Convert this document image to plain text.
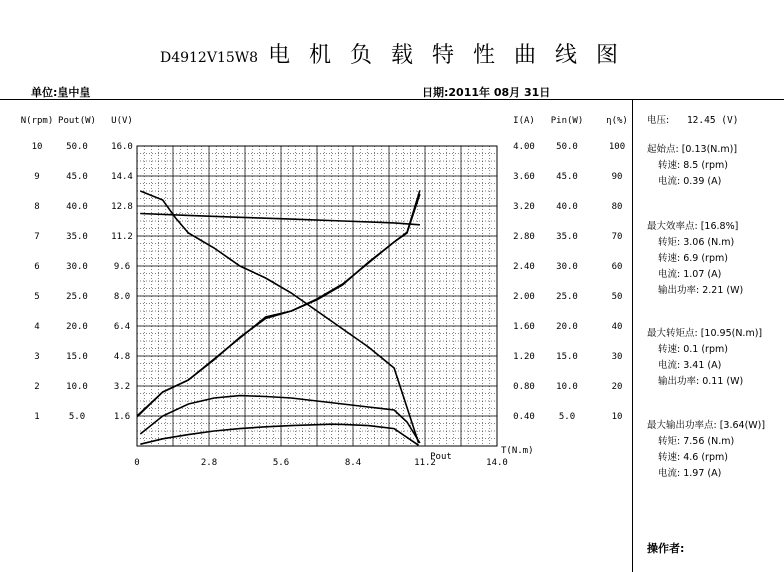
D4912V15W8 电 机 负 载 特 性 曲 线 图
单位:皇中皇	日期:2011年 08月 31日
N(rpm)
10
9
8
7
6
5
4
3
2
1
Pout(W)
50.0
45.0
40.0
35.0
30.0
25.0
20.0
15.0
10.0
5.0
U(V)
16.0
14.4
12.8
11.2
9.6
8.0
6.4
4.8
3.2
1.6
I(A)
4.00
3.60
3.20
2.80
2.40
2.00
1.60
1.20
0.80
0.40
Pin(W)
50.0
45.0
40.0
35.0
30.0
25.0
20.0
15.0
10.0
5.0
η(%)
100
90
80
70
60
50
40
30
20
10
0	2.8	5.6	8.4	11.2	14.0
T(N.m)
Pout
电压: 12.45 (V)
起始点: [0.13(N.m)]
转速: 8.5 (rpm)
电流: 0.39 (A)
最大效率点: [16.8%]
转矩: 3.06 (N.m)
转速: 6.9 (rpm)
电流: 1.07 (A)
输出功率: 2.21 (W)
最大转矩点: [10.95(N.m)]
转速: 0.1 (rpm)
电流: 3.41 (A)
输出功率: 0.11 (W)
最大输出功率点: [3.64(W)]
转矩: 7.56 (N.m)
转速: 4.6 (rpm)
电流: 1.97 (A)
操作者:
